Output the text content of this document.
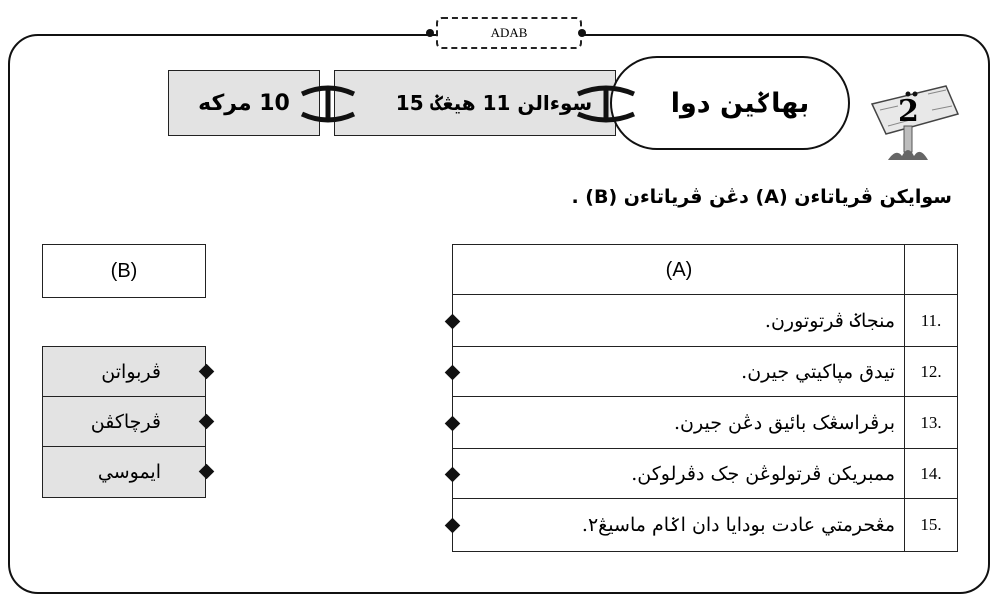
ADAB
10 مركه	سوءالن 11 هيڠݢ 15	بهاݢين دوا	2
سوايكن ڤرياتاءن (A) دڠن ڤرياتاءن (B) .
(A)
منجاݢ ڤرتوتورن.	11.
تيدق مڽاكيتي جيرن.	12.
برڤراسڠک بائيق دڠن جيرن.	13.
ممبريکن ڤرتولوڠن جک دڤرلوکن.	14.
مڠحرمتي عادت بودايا دان اݢام ماسيڠ٢.	15.
(B)
ڤربواتن
ڤرچاکڤن
ايموسي
